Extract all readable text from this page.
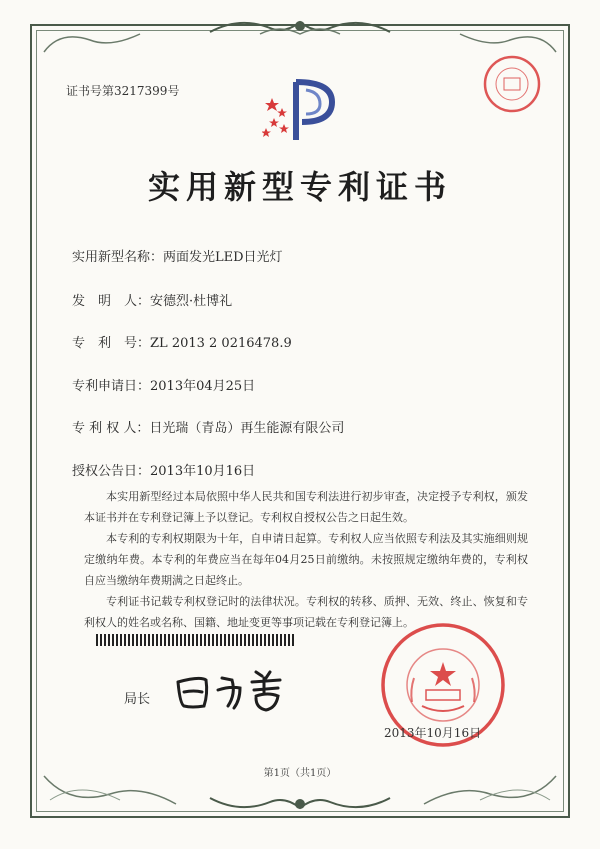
证书号第3217399号
实用新型专利证书
实用新型名称：两面发光LED日光灯
发　明　人：安德烈·杜博礼
专　利　号：ZL 2013 2 0216478.9
专利申请日：2013年04月25日
专 利 权 人：日光瑞（青岛）再生能源有限公司
授权公告日：2013年10月16日
本实用新型经过本局依照中华人民共和国专利法进行初步审查，决定授予专利权，颁发本证书并在专利登记簿上予以登记。专利权自授权公告之日起生效。
本专利的专利权期限为十年，自申请日起算。专利权人应当依照专利法及其实施细则规定缴纳年费。本专利的年费应当在每年04月25日前缴纳。未按照规定缴纳年费的，专利权自应当缴纳年费期满之日起终止。
专利证书记载专利权登记时的法律状况。专利权的转移、质押、无效、终止、恢复和专利权人的姓名或名称、国籍、地址变更等事项记载在专利登记簿上。
局长
2013年10月16日
第1页（共1页）
